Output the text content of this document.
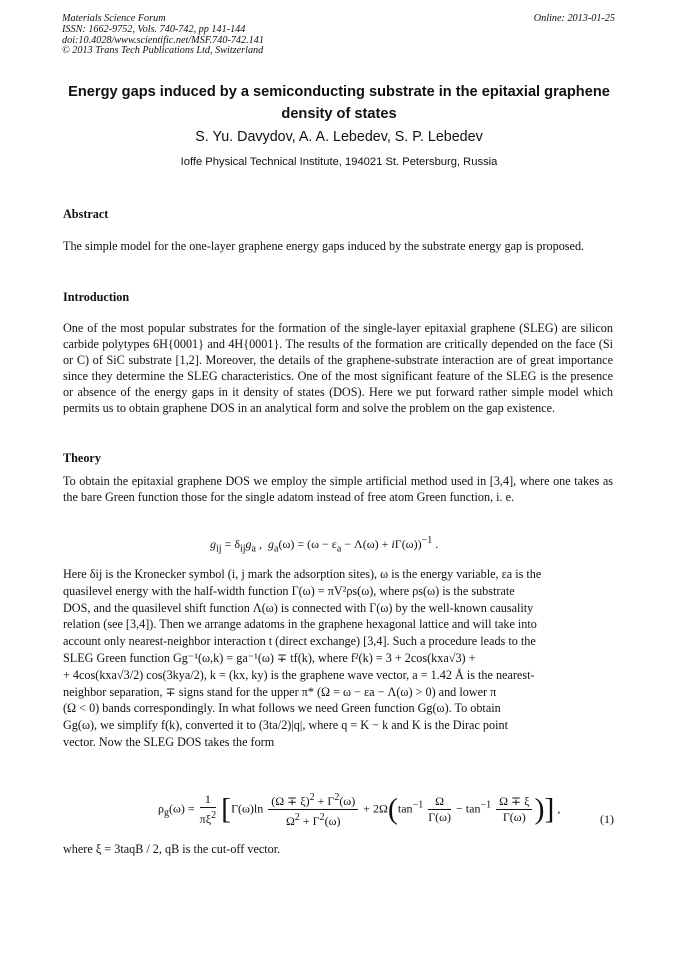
Materials Science Forum
ISSN: 1662-9752, Vols. 740-742, pp 141-144
doi:10.4028/www.scientific.net/MSF.740-742.141
© 2013 Trans Tech Publications Ltd, Switzerland
Online: 2013-01-25
Energy gaps induced by a semiconducting substrate in the epitaxial graphene density of states
S. Yu. Davydov, A. A. Lebedev, S. P. Lebedev
Ioffe Physical Technical Institute, 194021 St. Petersburg, Russia
Abstract
The simple model for the one-layer graphene energy gaps induced by the substrate energy gap is proposed.
Introduction
One of the most popular substrates for the formation of the single-layer epitaxial graphene (SLEG) are silicon carbide polytypes 6H{0001} and 4H{0001}. The results of the formation are critically depended on the face (Si or C) of SiC substrate [1,2]. Moreover, the details of the graphene-substrate interaction are of great importance since they determine the SLEG characteristics. One of the most significant feature of the SLEG is the presence or absence of the energy gaps in it density of states (DOS). Here we put forward rather simple model which permits us to obtain graphene DOS in an analytical form and solve the problem on the gap existence.
Theory
To obtain the epitaxial graphene DOS we employ the simple artificial method used in [3,4], where one takes as the bare Green function those for the single adatom instead of free atom Green function, i. e.
$g_{ij} = \delta_{ij}g_a$ ,  $g_a(\omega) = (\omega - \varepsilon_a - \Lambda(\omega) + i\Gamma(\omega))^{-1}$ .
Here δij is the Kronecker symbol (i, j mark the adsorption sites), ω is the energy variable, εa is the
quasilevel energy with the half-width function Γ(ω) = πV²ρs(ω), where ρs(ω) is the substrate
DOS, and the quasilevel shift function Λ(ω) is connected with Γ(ω) by the well-known causality
relation (see [3,4]). Then we arrange adatoms in the graphene hexagonal lattice and will take into
account only nearest-neighbor interaction t (direct exchange) [3,4]. Such a procedure leads to the
SLEG Green function Gg⁻¹(ω,k) = ga⁻¹(ω) ∓ tf(k), where f²(k) = 3 + 2cos(kxa√3) +
+ 4cos(kxa√3/2) cos(3kya/2), k = (kx, ky) is the graphene wave vector, a = 1.42 Å is the nearest-
neighbor separation, ∓ signs stand for the upper π* (Ω = ω − εa − Λ(ω) > 0) and lower π
(Ω < 0) bands correspondingly. In what follows we need Green function Gg(ω). To obtain
Gg(ω), we simplify f(k), converted it to (3ta/2)|q|, where q = K − k and K is the Dirac point
vector. Now the SLEG DOS takes the form
$\rho_g(\omega) = \frac{1}{\pi\xi^2} [\Gamma(\omega)\ln \frac{(\Omega \mp \xi)^2 + \Gamma^2(\omega)}{\Omega^2 + \Gamma^2(\omega)} + 2\Omega(\tan^{-1} \frac{\Omega}{\Gamma(\omega)} - \tan^{-1} \frac{\Omega \mp \xi}{\Gamma(\omega)}$ )] ,
(1)
where ξ = 3taqB / 2, qB is the cut-off vector.
